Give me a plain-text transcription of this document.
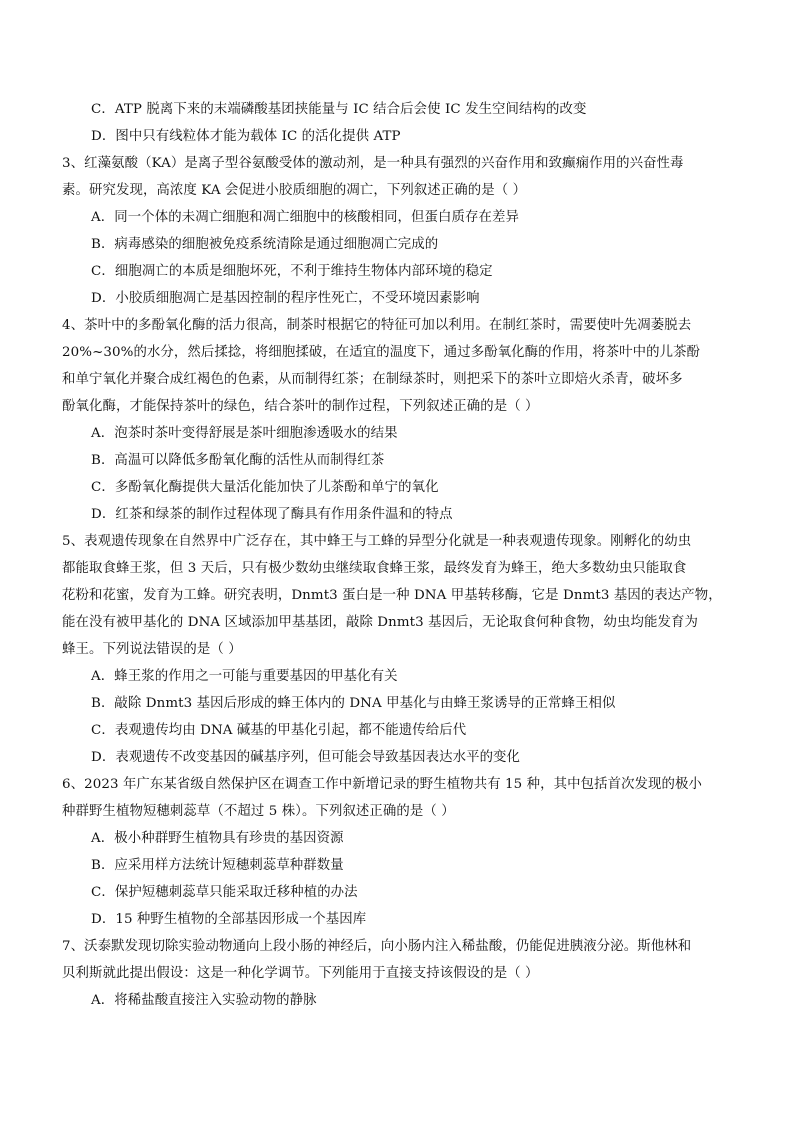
C．ATP 脱离下来的末端磷酸基团挟能量与 IC 结合后会使 IC 发生空间结构的改变
D．图中只有线粒体才能为载体 IC 的活化提供 ATP
3、红藻氨酸（KA）是离子型谷氨酸受体的激动剂，是一种具有强烈的兴奋作用和致癫痫作用的兴奋性毒
素。研究发现，高浓度 KA 会促进小胶质细胞的凋亡，下列叙述正确的是（ ）
A．同一个体的未凋亡细胞和凋亡细胞中的核酸相同，但蛋白质存在差异
B．病毒感染的细胞被免疫系统清除是通过细胞凋亡完成的
C．细胞凋亡的本质是细胞坏死，不利于维持生物体内部环境的稳定
D．小胶质细胞凋亡是基因控制的程序性死亡，不受环境因素影响
4、茶叶中的多酚氧化酶的活力很高，制茶时根据它的特征可加以利用。在制红茶时，需要使叶先凋萎脱去
20%~30%的水分，然后揉捻，将细胞揉破，在适宜的温度下，通过多酚氧化酶的作用，将茶叶中的儿茶酚
和单宁氧化并聚合成红褐色的色素，从而制得红茶；在制绿茶时，则把采下的茶叶立即焙火杀青，破坏多
酚氧化酶，才能保持茶叶的绿色，结合茶叶的制作过程，下列叙述正确的是（ ）
A．泡茶时茶叶变得舒展是茶叶细胞渗透吸水的结果
B．高温可以降低多酚氧化酶的活性从而制得红茶
C．多酚氧化酶提供大量活化能加快了儿茶酚和单宁的氧化
D．红茶和绿茶的制作过程体现了酶具有作用条件温和的特点
5、表观遗传现象在自然界中广泛存在，其中蜂王与工蜂的异型分化就是一种表观遗传现象。刚孵化的幼虫
都能取食蜂王浆，但 3 天后，只有极少数幼虫继续取食蜂王浆，最终发育为蜂王，绝大多数幼虫只能取食
花粉和花蜜，发育为工蜂。研究表明，Dnmt3 蛋白是一种 DNA 甲基转移酶，它是 Dnmt3 基因的表达产物，
能在没有被甲基化的 DNA 区域添加甲基基团，敲除 Dnmt3 基因后，无论取食何种食物，幼虫均能发育为
蜂王。下列说法错误的是（ ）
A．蜂王浆的作用之一可能与重要基因的甲基化有关
B．敲除 Dnmt3 基因后形成的蜂王体内的 DNA 甲基化与由蜂王浆诱导的正常蜂王相似
C．表观遗传均由 DNA 碱基的甲基化引起，都不能遗传给后代
D．表观遗传不改变基因的碱基序列，但可能会导致基因表达水平的变化
6、2023 年广东某省级自然保护区在调查工作中新增记录的野生植物共有 15 种，其中包括首次发现的极小
种群野生植物短穗刺蕊草（不超过 5 株）。下列叙述正确的是（ ）
A．极小种群野生植物具有珍贵的基因资源
B．应采用样方法统计短穗刺蕊草种群数量
C．保护短穗刺蕊草只能采取迁移种植的办法
D．15 种野生植物的全部基因形成一个基因库
7、沃泰默发现切除实验动物通向上段小肠的神经后，向小肠内注入稀盐酸，仍能促进胰液分泌。斯他林和
贝利斯就此提出假设：这是一种化学调节。下列能用于直接支持该假设的是（ ）
A．将稀盐酸直接注入实验动物的静脉
